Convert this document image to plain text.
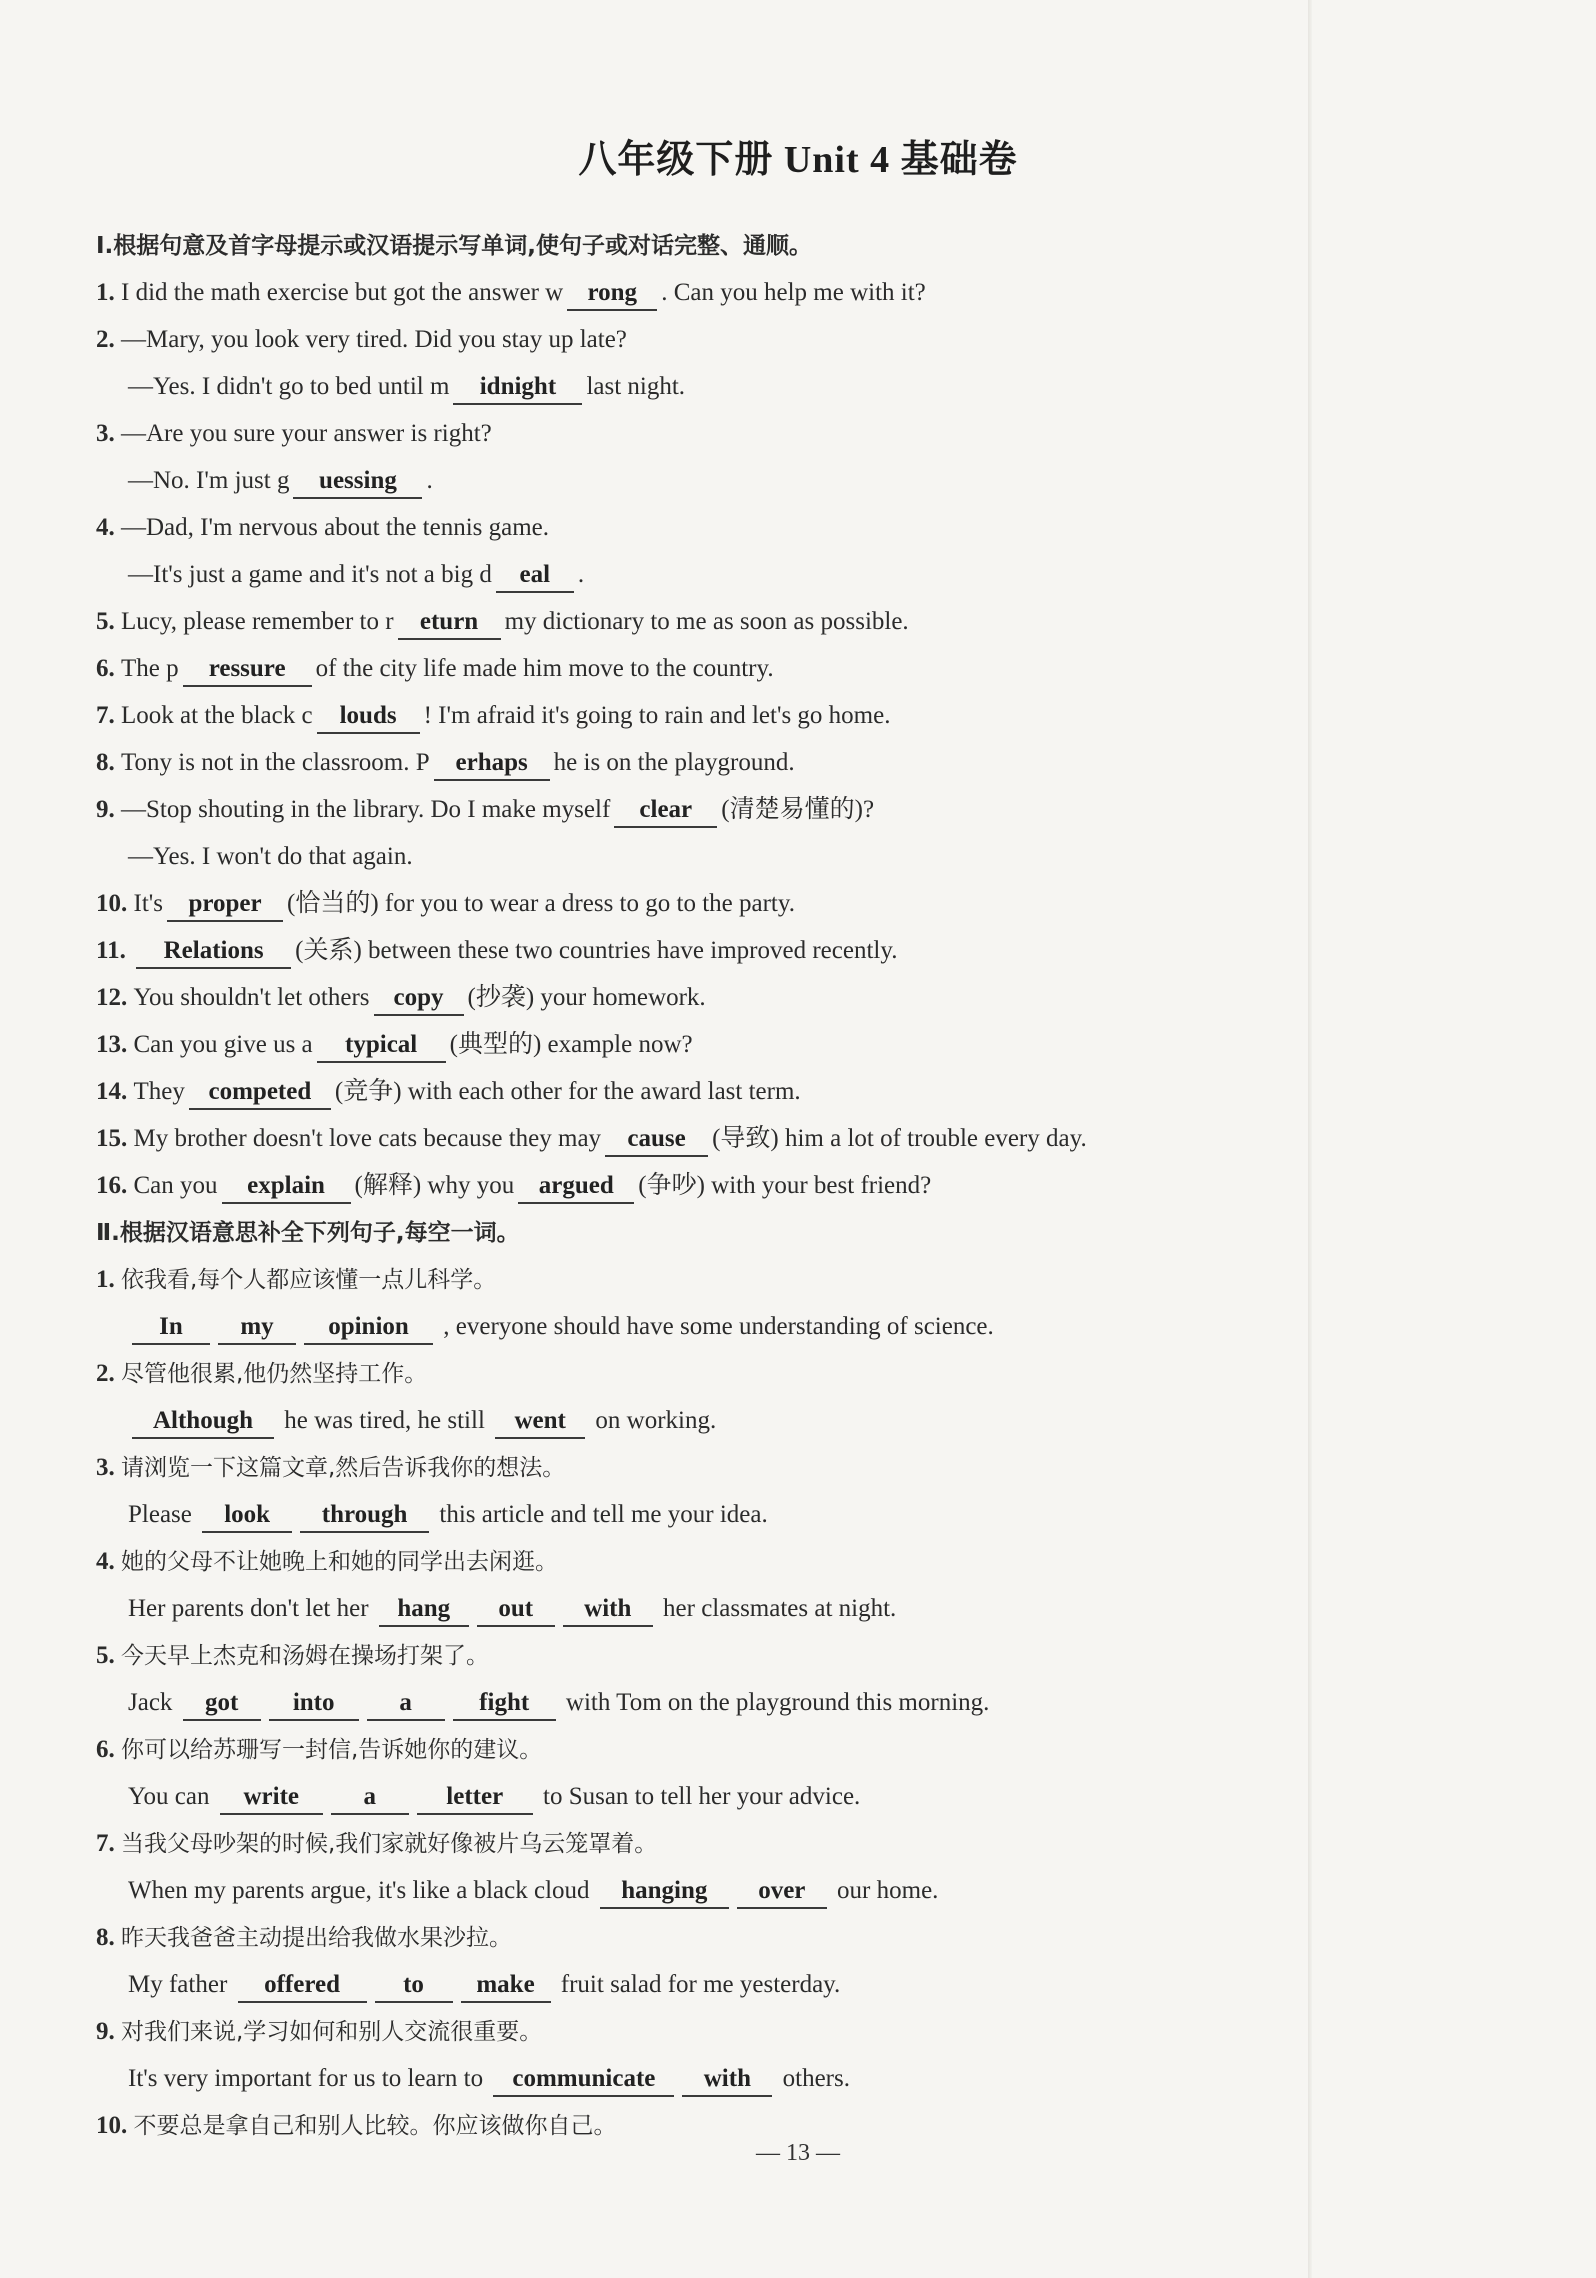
八年级下册 Unit 4 基础卷
Ⅰ.根据句意及首字母提示或汉语提示写单词,使句子或对话完整、通顺。
1. I did the math exercise but got the answer w rong . Can you help me with it?
2. —Mary, you look very tired. Did you stay up late?
—Yes. I didn't go to bed until m idnight last night.
3. —Are you sure your answer is right?
—No. I'm just g uessing .
4. —Dad, I'm nervous about the tennis game.
—It's just a game and it's not a big d eal .
5. Lucy, please remember to r eturn my dictionary to me as soon as possible.
6. The p ressure of the city life made him move to the country.
7. Look at the black c louds ! I'm afraid it's going to rain and let's go home.
8. Tony is not in the classroom. P erhaps he is on the playground.
9. —Stop shouting in the library. Do I make myself clear (清楚易懂的)?
—Yes. I won't do that again.
10. It's proper (恰当的) for you to wear a dress to go to the party.
11. Relations (关系) between these two countries have improved recently.
12. You shouldn't let others copy (抄袭) your homework.
13. Can you give us a typical (典型的) example now?
14. They competed (竞争) with each other for the award last term.
15. My brother doesn't love cats because they may cause (导致) him a lot of trouble every day.
16. Can you explain (解释) why you argued (争吵) with your best friend?
Ⅱ.根据汉语意思补全下列句子,每空一词。
1. 依我看,每个人都应该懂一点儿科学。
In my opinion , everyone should have some understanding of science.
2. 尽管他很累,他仍然坚持工作。
Although he was tired, he still went on working.
3. 请浏览一下这篇文章,然后告诉我你的想法。
Please look through this article and tell me your idea.
4. 她的父母不让她晚上和她的同学出去闲逛。
Her parents don't let her hang out with her classmates at night.
5. 今天早上杰克和汤姆在操场打架了。
Jack got into	a	fight with Tom on the playground this morning.
6. 你可以给苏珊写一封信,告诉她你的建议。
You can write	a	letter to Susan to tell her your advice.
7. 当我父母吵架的时候,我们家就好像被片乌云笼罩着。
When my parents argue, it's like a black cloud hanging over our home.
8. 昨天我爸爸主动提出给我做水果沙拉。
My father offered	to make fruit salad for me yesterday.
9. 对我们来说,学习如何和别人交流很重要。
It's very important for us to learn to communicate with others.
10. 不要总是拿自己和别人比较。你应该做你自己。
— 13 —
